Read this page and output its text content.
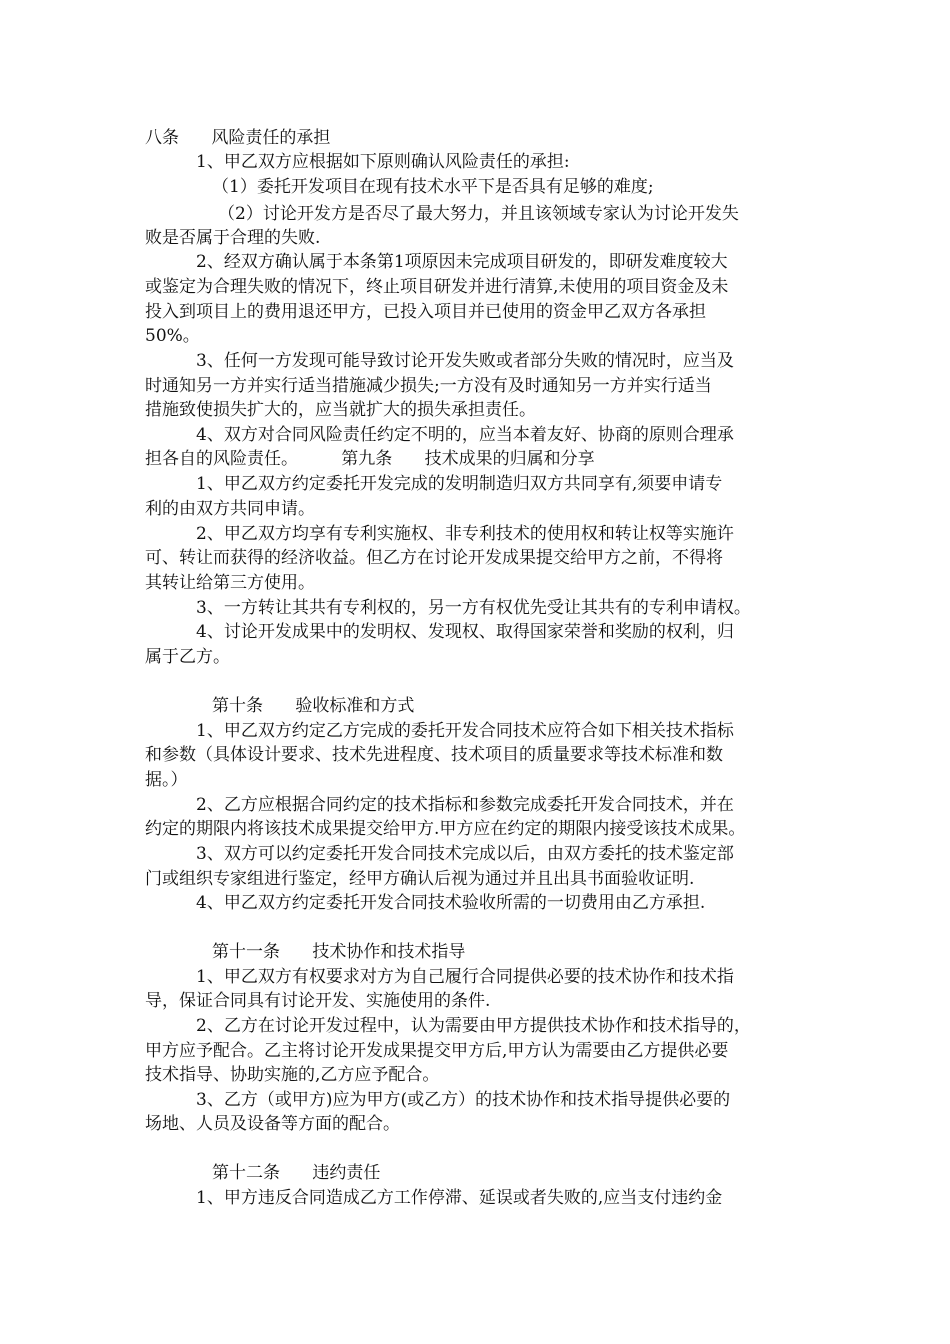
八条      风险责任的承担
1、甲乙双方应根据如下原则确认风险责任的承担:
（1）委托开发项目在现有技术水平下是否具有足够的难度;
（2）讨论开发方是否尽了最大努力，并且该领域专家认为讨论开发失
败是否属于合理的失败.
2、经双方确认属于本条第1项原因未完成项目研发的，即研发难度较大
或鉴定为合理失败的情况下，终止项目研发并进行清算,未使用的项目资金及未
投入到项目上的费用退还甲方，已投入项目并已使用的资金甲乙双方各承担
50%。
3、任何一方发现可能导致讨论开发失败或者部分失败的情况时，应当及
时通知另一方并实行适当措施减少损失;一方没有及时通知另一方并实行适当
措施致使损失扩大的，应当就扩大的损失承担责任。
4、双方对合同风险责任约定不明的，应当本着友好、协商的原则合理承
担各自的风险责任。        第九条      技术成果的归属和分享
1、甲乙双方约定委托开发完成的发明制造归双方共同享有,须要申请专
利的由双方共同申请。
2、甲乙双方均享有专利实施权、非专利技术的使用权和转让权等实施许
可、转让而获得的经济收益。但乙方在讨论开发成果提交给甲方之前，不得将
其转让给第三方使用。
3、一方转让其共有专利权的，另一方有权优先受让其共有的专利申请权。
4、讨论开发成果中的发明权、发现权、取得国家荣誉和奖励的权利，归
属于乙方。
第十条      验收标准和方式
1、甲乙双方约定乙方完成的委托开发合同技术应符合如下相关技术指标
和参数（具体设计要求、技术先进程度、技术项目的质量要求等技术标准和数
据。）
2、乙方应根据合同约定的技术指标和参数完成委托开发合同技术，并在
约定的期限内将该技术成果提交给甲方.甲方应在约定的期限内接受该技术成果。
3、双方可以约定委托开发合同技术完成以后，由双方委托的技术鉴定部
门或组织专家组进行鉴定，经甲方确认后视为通过并且出具书面验收证明.
4、甲乙双方约定委托开发合同技术验收所需的一切费用由乙方承担.
第十一条      技术协作和技术指导
1、甲乙双方有权要求对方为自己履行合同提供必要的技术协作和技术指
导，保证合同具有讨论开发、实施使用的条件.
2、乙方在讨论开发过程中，认为需要由甲方提供技术协作和技术指导的，
甲方应予配合。乙主将讨论开发成果提交甲方后,甲方认为需要由乙方提供必要
技术指导、协助实施的,乙方应予配合。
3、乙方（或甲方)应为甲方(或乙方）的技术协作和技术指导提供必要的
场地、人员及设备等方面的配合。
第十二条      违约责任
1、甲方违反合同造成乙方工作停滞、延误或者失败的,应当支付违约金
